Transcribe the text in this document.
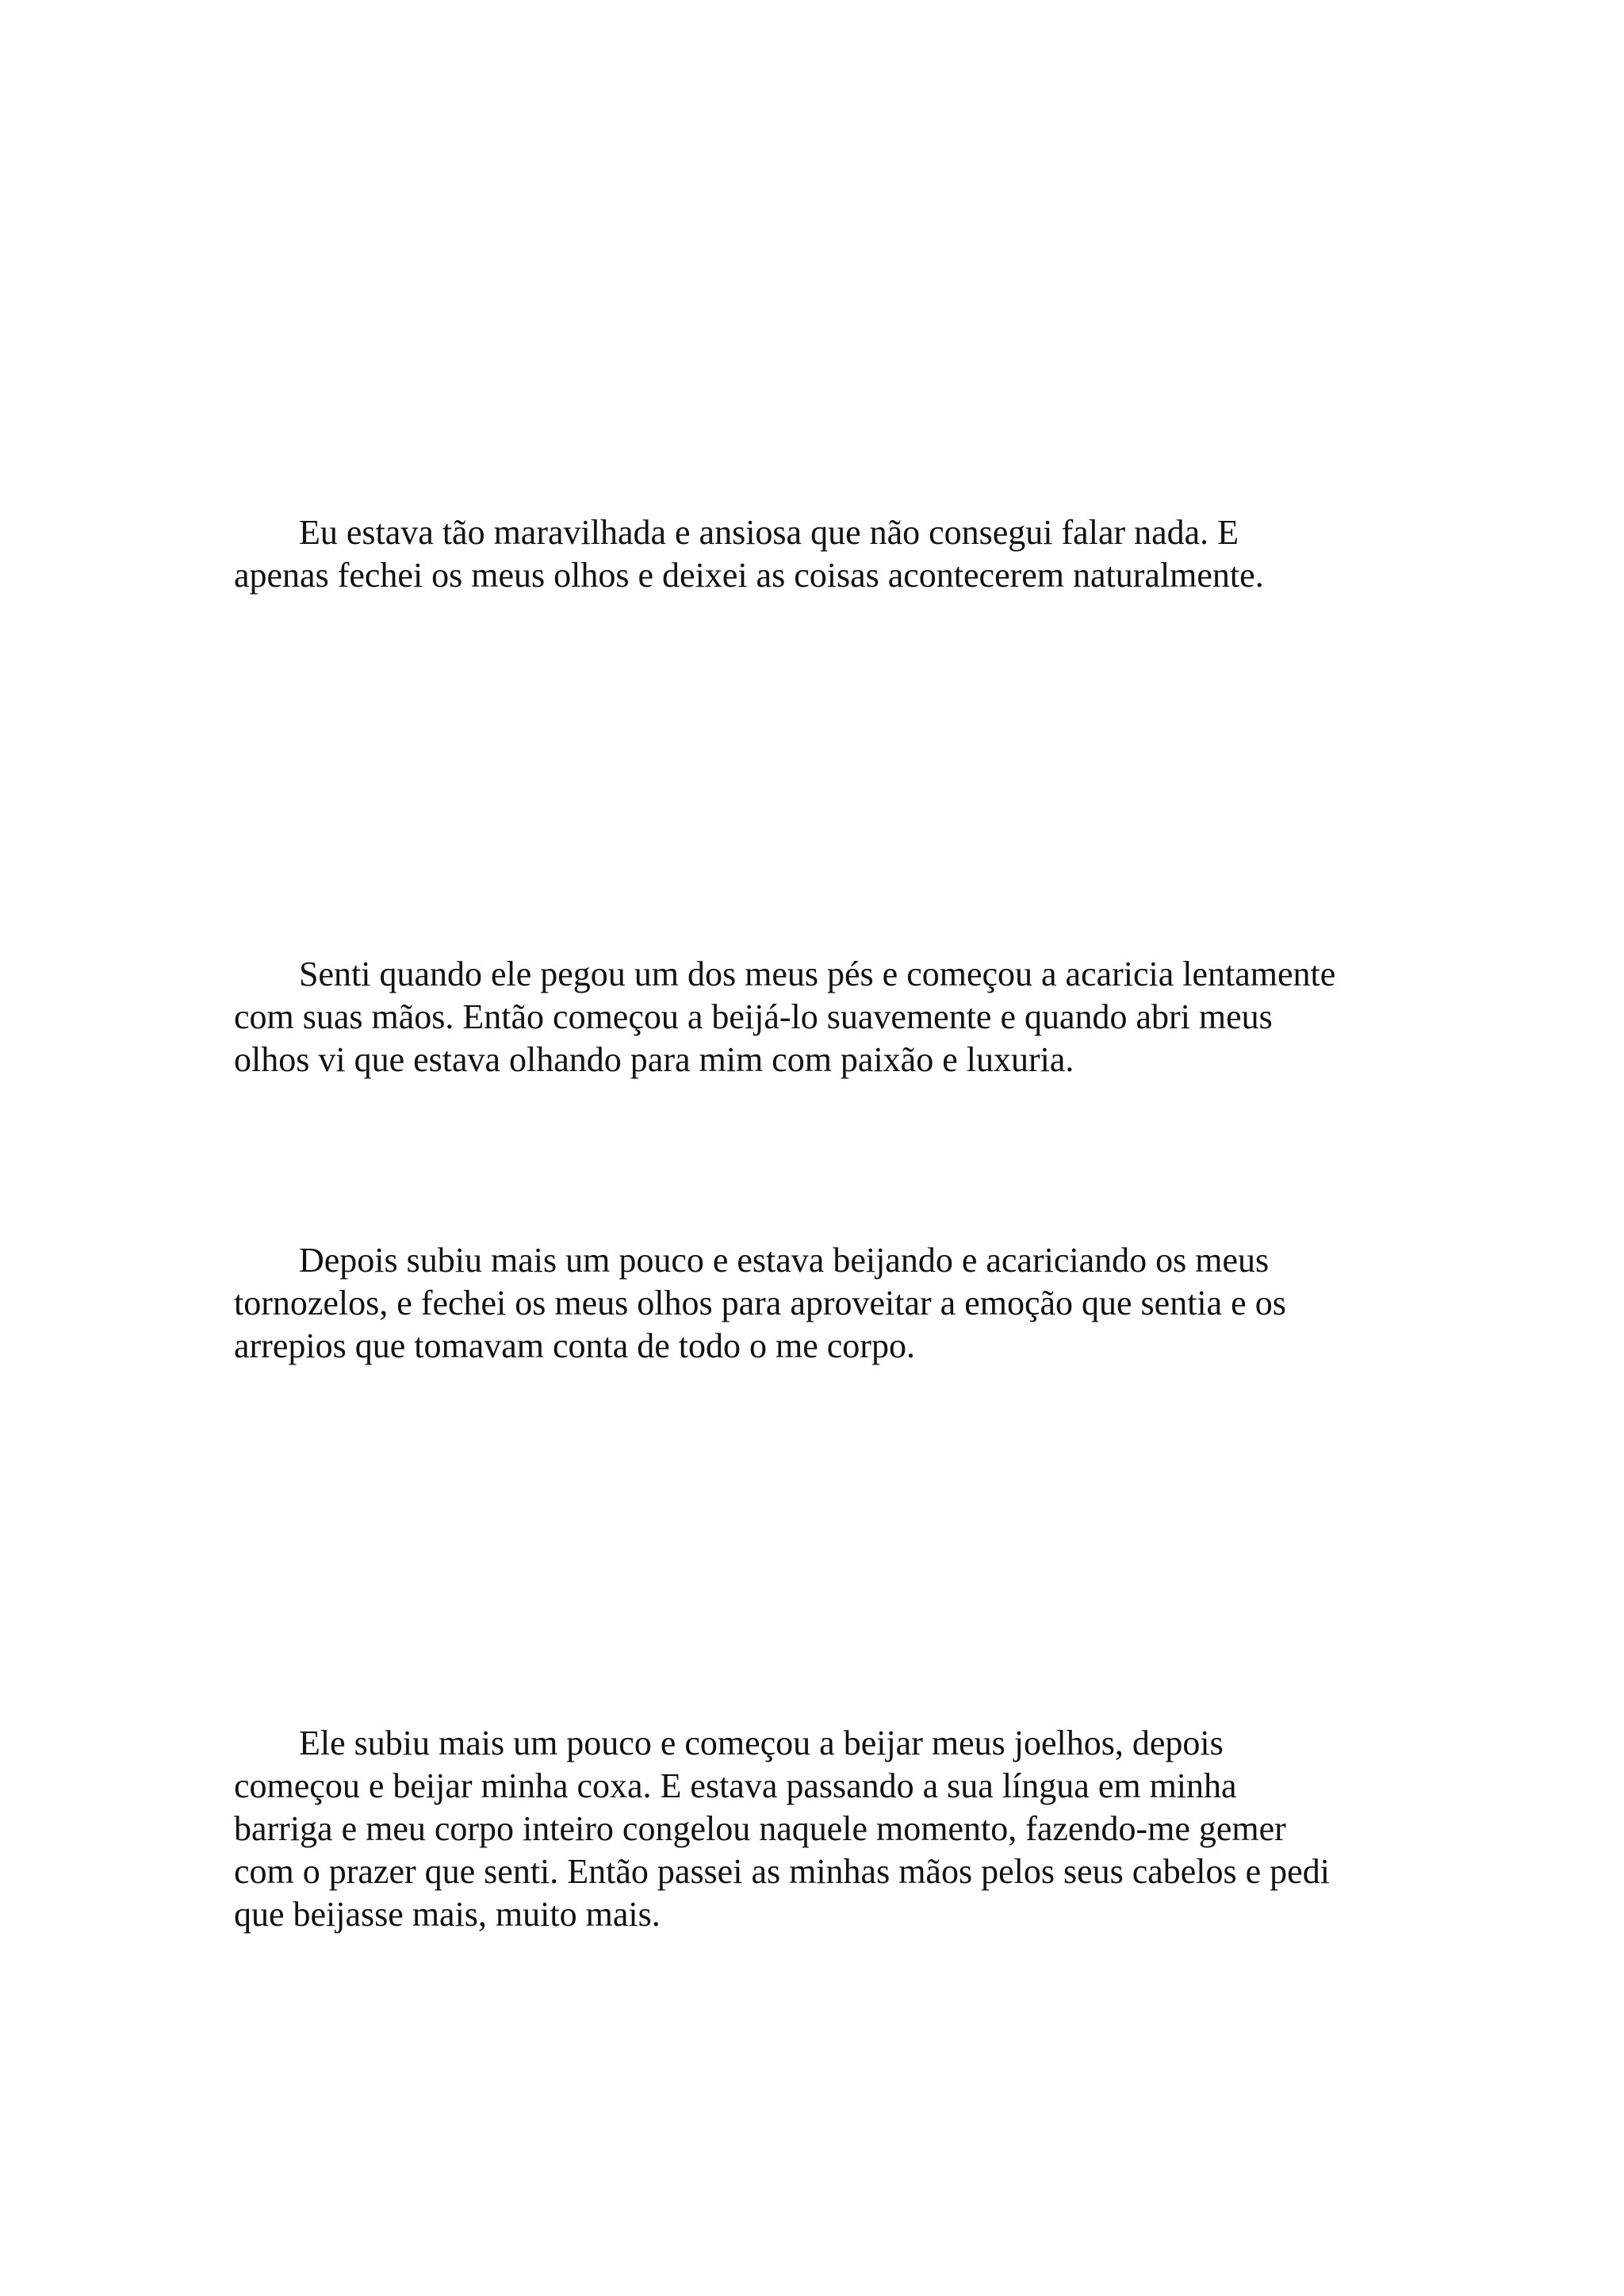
Eu estava tão maravilhada e ansiosa que não consegui falar nada. E
apenas fechei os meus olhos e deixei as coisas acontecerem naturalmente.

Senti quando ele pegou um dos meus pés e começou a acaricia lentamente
com suas mãos. Então começou a beijá-lo suavemente e quando abri meus
olhos vi que estava olhando para mim com paixão e luxuria.

Depois subiu mais um pouco e estava beijando e acariciando os meus
tornozelos, e fechei os meus olhos para aproveitar a emoção que sentia e os
arrepios que tomavam conta de todo o me corpo.

Ele subiu mais um pouco e começou a beijar meus joelhos, depois
começou e beijar minha coxa. E estava passando a sua língua em minha
barriga e meu corpo inteiro congelou naquele momento, fazendo-me gemer
com o prazer que senti. Então passei as minhas mãos pelos seus cabelos e pedi
que beijasse mais, muito mais.
